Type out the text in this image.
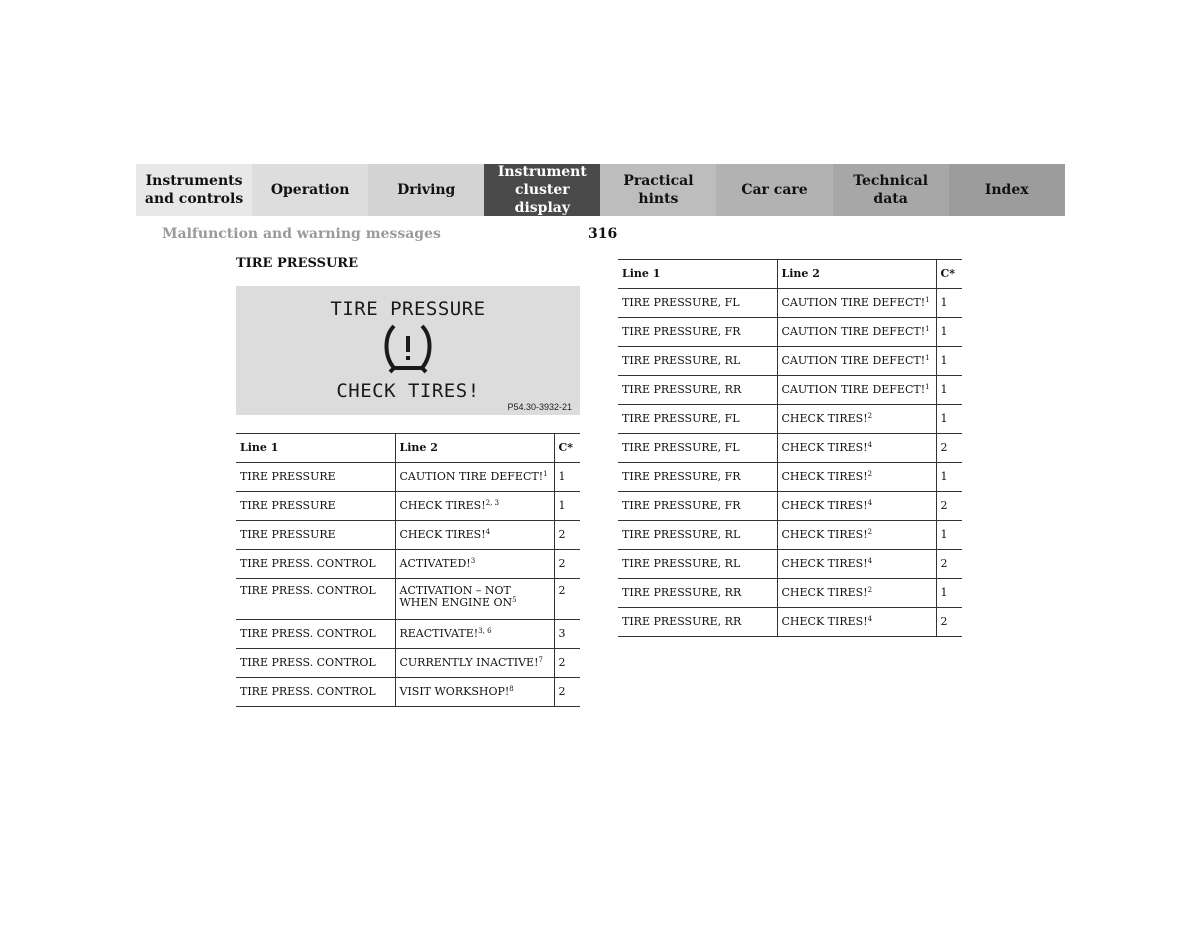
Instruments
and controls
Operation	Driving
Instrument
cluster display
Practical hints
Car care
Technical
data
Index
Malfunction and warning messages	316
TIRE PRESSURE
TIRE PRESSURE
CHECK TIRES!
P54.30-3932-21
Line 1	Line 2	C*
TIRE PRESSURE	CAUTION TIRE DEFECT!$^1$	1
TIRE PRESSURE	CHECK TIRES!$^{2, 3}$	1
TIRE PRESSURE	CHECK TIRES!$^4$	2
TIRE PRESS. CONTROL	ACTIVATED!$^3$	2
TIRE PRESS. CONTROL	ACTIVATION – NOT WHEN ENGINE $ON^5$	2
TIRE PRESS. CONTROL	REACTIVATE!$^{3, 6}$	3
TIRE PRESS. CONTROL	CURRENTLY INACTIVE!$^7$	2
TIRE PRESS. CONTROL	VISIT WORKSHOP!$^8$	2
Line 1	Line 2	C*
TIRE PRESSURE, FL	CAUTION TIRE DEFECT!$^1$	1
TIRE PRESSURE, FR	CAUTION TIRE DEFECT!$^1$	1
TIRE PRESSURE, RL	CAUTION TIRE DEFECT!$^1$	1
TIRE PRESSURE, RR	CAUTION TIRE DEFECT!$^1$	1
TIRE PRESSURE, FL	CHECK TIRES!$^2$	1
TIRE PRESSURE, FL	CHECK TIRES!$^4$	2
TIRE PRESSURE, FR	CHECK TIRES!$^2$	1
TIRE PRESSURE, FR	CHECK TIRES!$^4$	2
TIRE PRESSURE, RL	CHECK TIRES!$^2$	1
TIRE PRESSURE, RL	CHECK TIRES!$^4$	2
TIRE PRESSURE, RR	CHECK TIRES!$^2$	1
TIRE PRESSURE, RR	CHECK TIRES!$^4$	2
